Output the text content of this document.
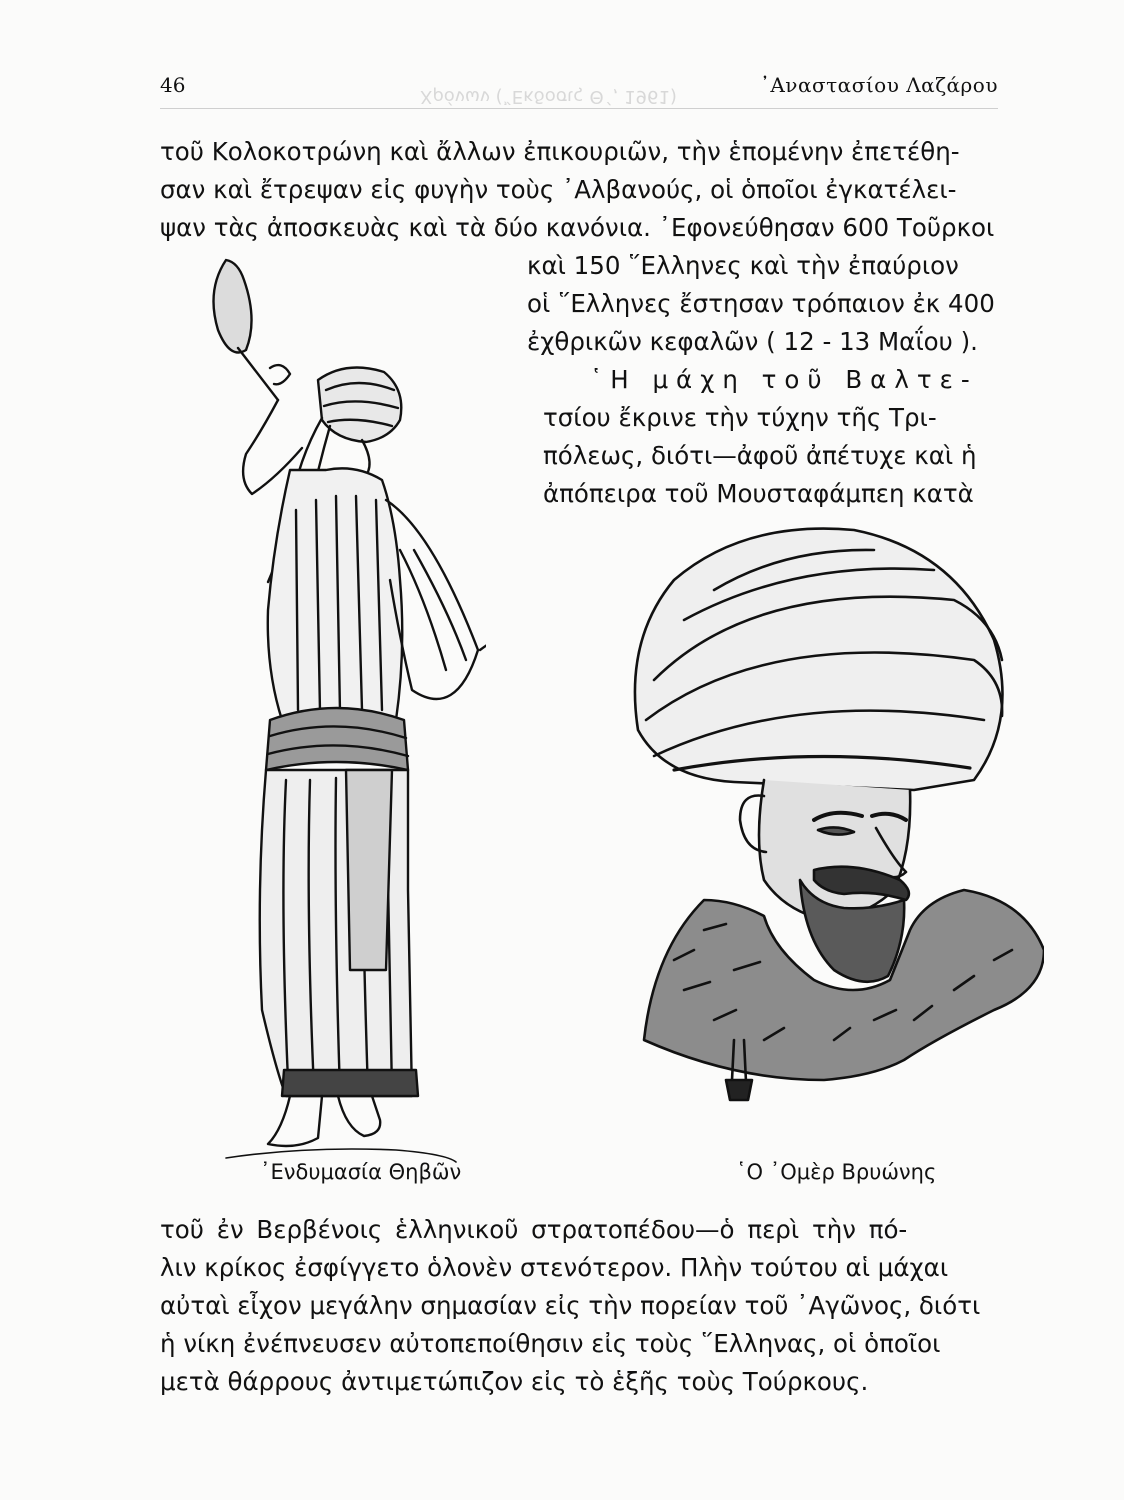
Χρόνων (῎Εκδοσις Θ΄, 1961)
46	᾿Αναστασίου Λαζάρου
τοῦ Κολοκοτρώνη καὶ ἄλλων ἐπικουριῶν, τὴν ἑπομένην ἐπετέθη-
σαν καὶ ἔτρεψαν εἰς φυγὴν τοὺς ᾿Αλβανούς, οἱ ὁποῖοι ἐγκατέλει-
ψαν τὰς ἀποσκευὰς καὶ τὰ δύο κανόνια. ᾿Εφονεύθησαν 600 Τοῦρκοι
καὶ 150 ῞Ελληνες καὶ τὴν ἐπαύριον
οἱ ῞Ελληνες ἔστησαν τρόπαιον ἐκ 400
ἐχθρικῶν κεφαλῶν ( 12 - 13 Μαΐου ).
῾Η μάχη τοῦ Βαλτε-
τσίου ἔκρινε τὴν τύχην τῆς Τρι-
πόλεως, διότι—ἀφοῦ ἀπέτυχε καὶ ἡ
ἀπόπειρα τοῦ Μουσταφάμπεη κατὰ
᾿Ενδυμασία Θηβῶν	῾Ο ᾿Ομὲρ Βρυώνης
τοῦ ἐν Βερβένοις ἑλληνικοῦ στρατοπέδου—ὁ περὶ τὴν πό-
λιν κρίκος ἐσφίγγετο ὁλονὲν στενότερον. Πλὴν τούτου αἱ μάχαι
αὐταὶ εἶχον μεγάλην σημασίαν εἰς τὴν πορείαν τοῦ ᾿Αγῶνος, διότι
ἡ νίκη ἐνέπνευσεν αὐτοπεποίθησιν εἰς τοὺς ῞Ελληνας, οἱ ὁποῖοι
μετὰ θάρρους ἀντιμετώπιζον εἰς τὸ ἑξῆς τοὺς Τούρκους.
